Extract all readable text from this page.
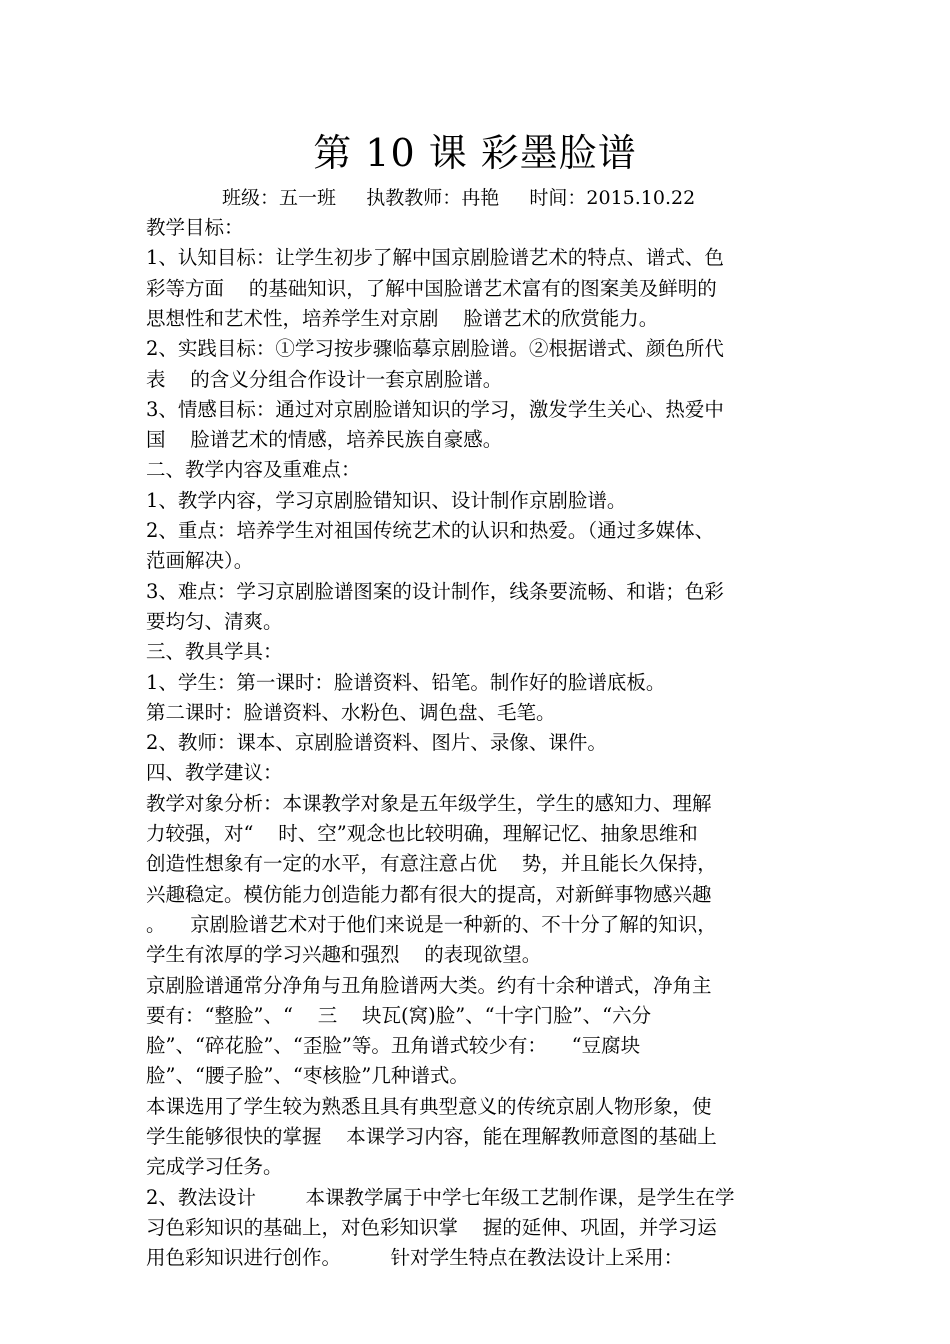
第 10 课 彩墨脸谱
班级：五一班     执教教师：冉艳     时间：2015.10.22
教学目标：
1、认知目标：让学生初步了解中国京剧脸谱艺术的特点、谱式、色
彩等方面    的基础知识，了解中国脸谱艺术富有的图案美及鲜明的
思想性和艺术性，培养学生对京剧    脸谱艺术的欣赏能力。
2、实践目标：①学习按步骤临摹京剧脸谱。②根据谱式、颜色所代
表    的含义分组合作设计一套京剧脸谱。
3、情感目标：通过对京剧脸谱知识的学习，激发学生关心、热爱中
国    脸谱艺术的情感，培养民族自豪感。
二、教学内容及重难点：
1、教学内容，学习京剧脸错知识、设计制作京剧脸谱。
2、重点：培养学生对祖国传统艺术的认识和热爱。（通过多媒体、
范画解决）。
3、难点：学习京剧脸谱图案的设计制作，线条要流畅、和谐；色彩
要均匀、清爽。
三、教具学具：
1、学生：第一课时：脸谱资料、铅笔。制作好的脸谱底板。
第二课时：脸谱资料、水粉色、调色盘、毛笔。
2、教师：课本、京剧脸谱资料、图片、录像、课件。
四、教学建议：
教学对象分析：本课教学对象是五年级学生，学生的感知力、理解
力较强，对“    时、空”观念也比较明确，理解记忆、抽象思维和
创造性想象有一定的水平，有意注意占优    势，并且能长久保持，
兴趣稳定。模仿能力创造能力都有很大的提高，对新鲜事物感兴趣
。    京剧脸谱艺术对于他们来说是一种新的、不十分了解的知识，
学生有浓厚的学习兴趣和强烈    的表现欲望。
京剧脸谱通常分净角与丑角脸谱两大类。约有十余种谱式，净角主
要有：“整脸”、“    三    块瓦(窝)脸”、“十字门脸”、“六分
脸”、“碎花脸”、“歪脸”等。丑角谱式较少有：    “豆腐块
脸”、“腰子脸”、“枣核脸”几种谱式。
本课选用了学生较为熟悉且具有典型意义的传统京剧人物形象，使
学生能够很快的掌握    本课学习内容，能在理解教师意图的基础上
完成学习任务。
2、教法设计        本课教学属于中学七年级工艺制作课，是学生在学
习色彩知识的基础上，对色彩知识掌    握的延伸、巩固，并学习运
用色彩知识进行创作。        针对学生特点在教法设计上采用：
